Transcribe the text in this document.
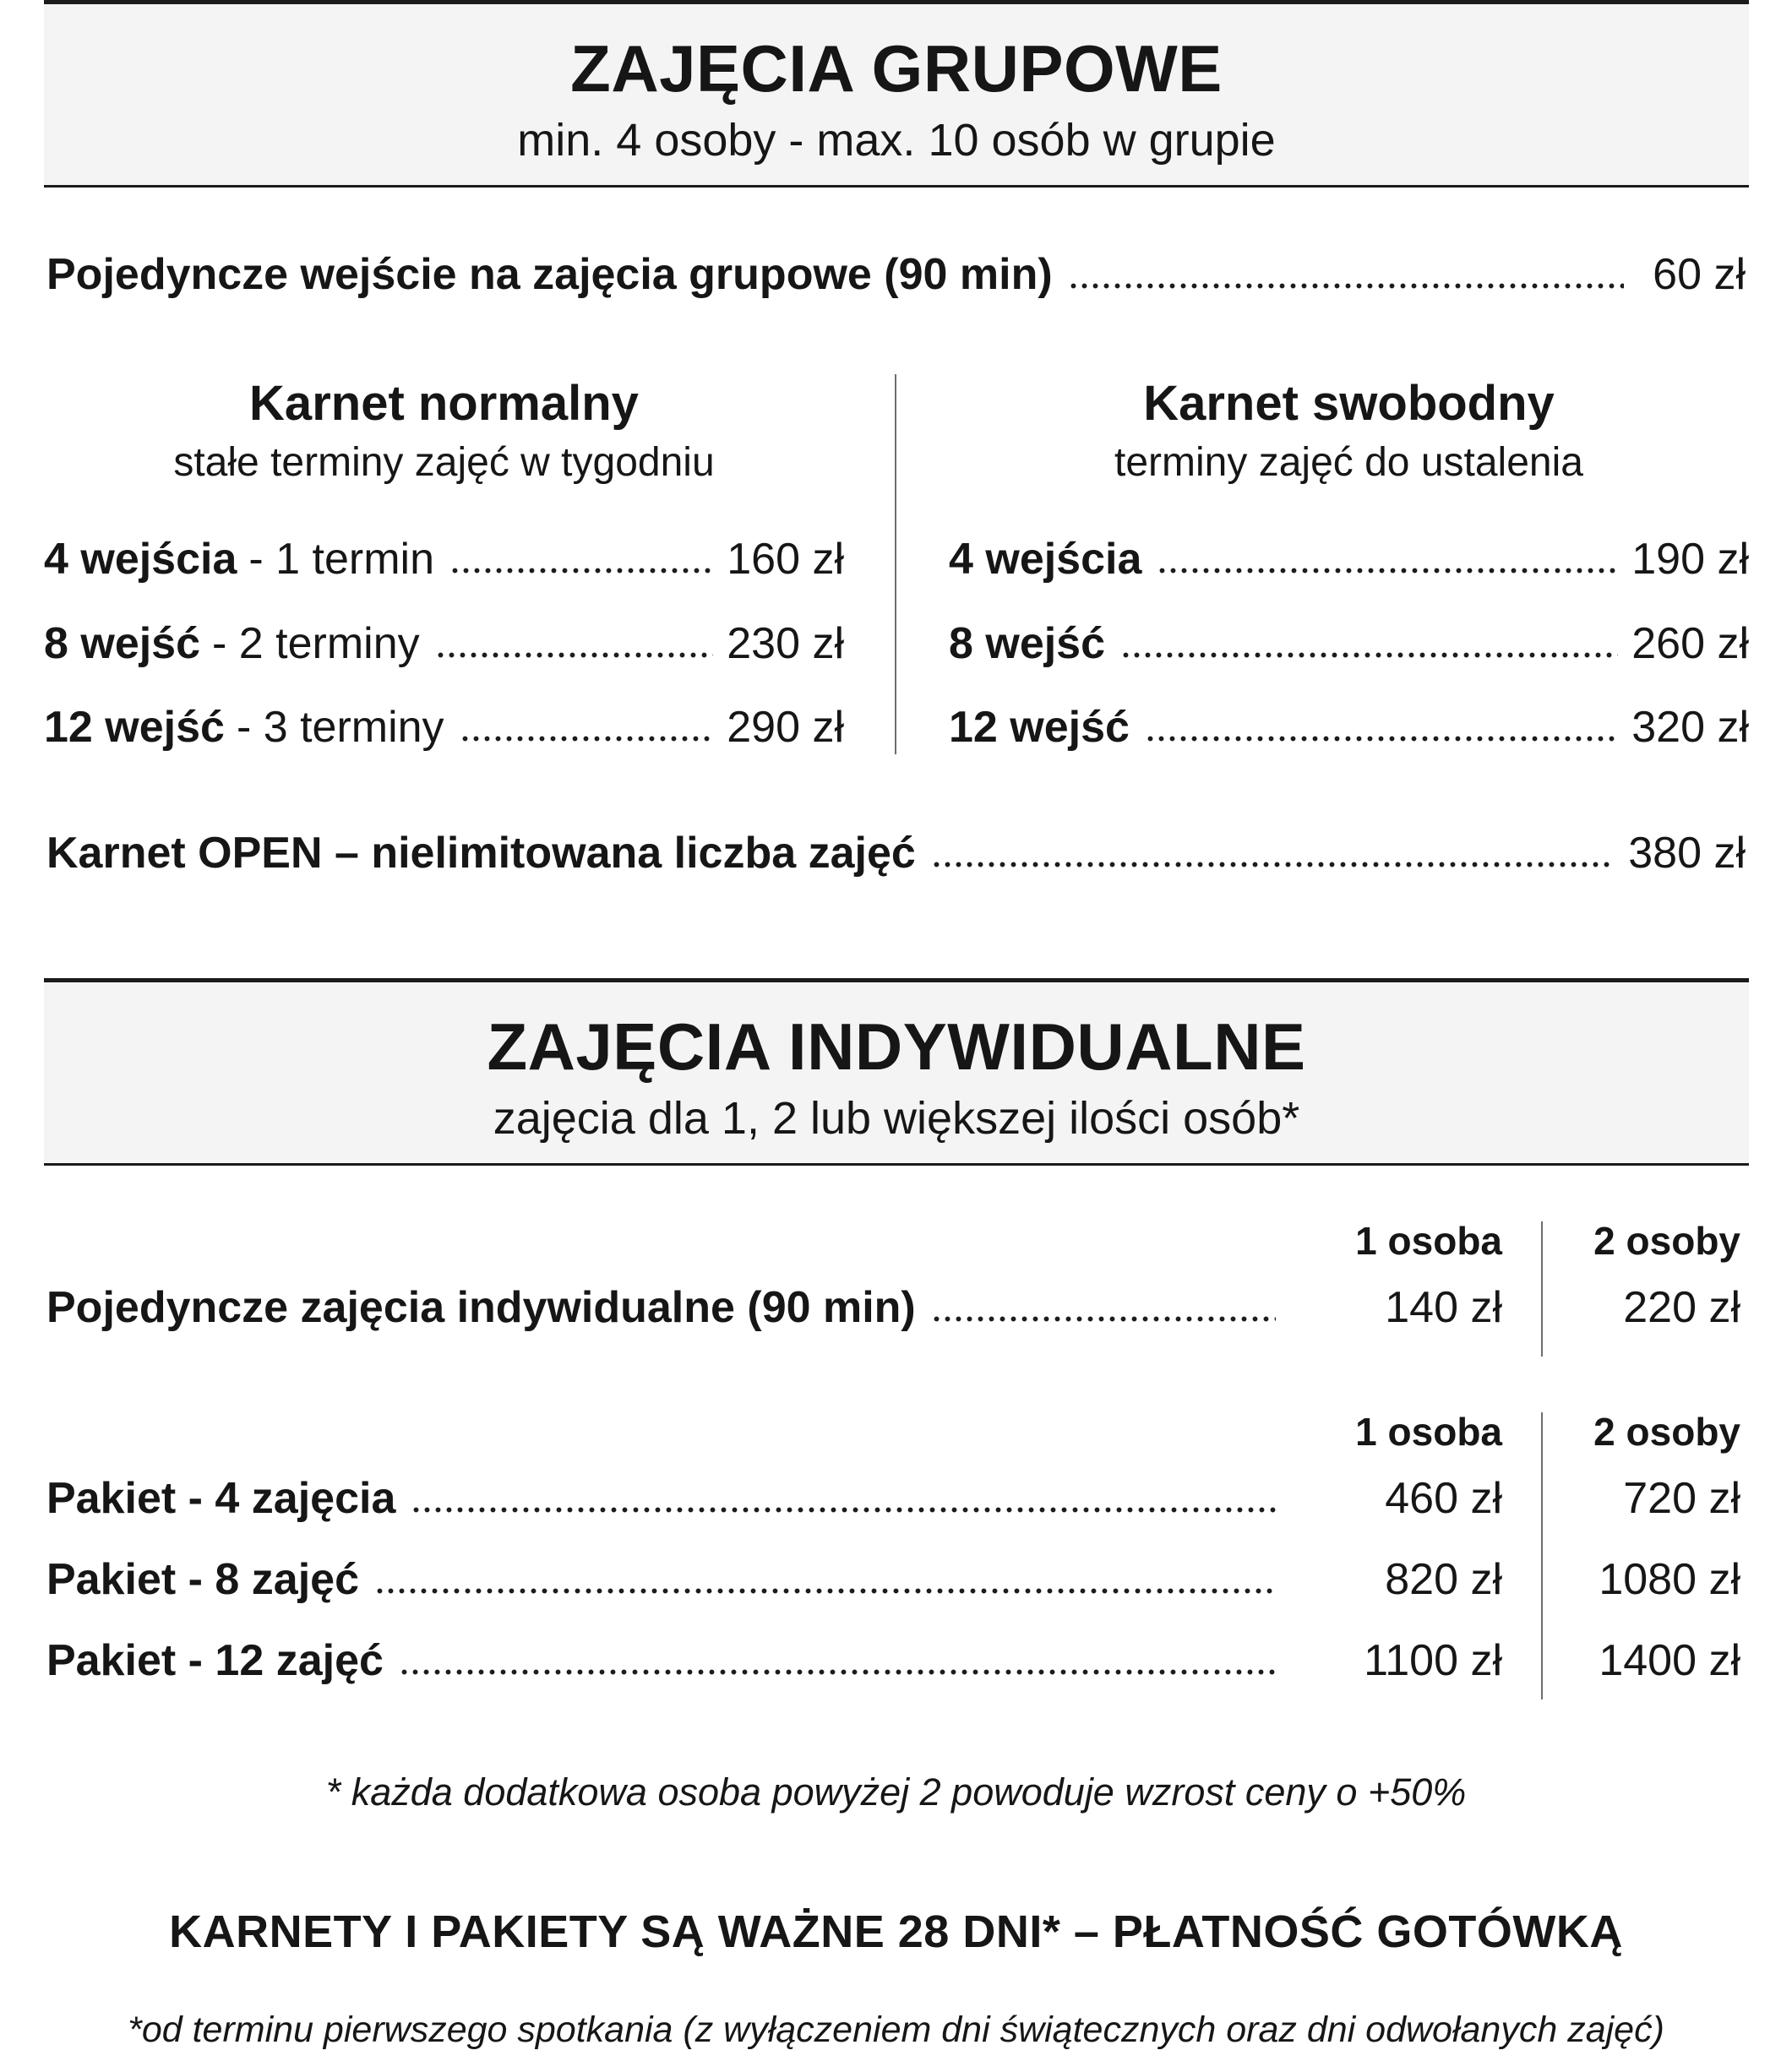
ZAJĘCIA GRUPOWE
min. 4 osoby - max. 10 osób w grupie
Pojedyncze wejście na zajęcia grupowe (90 min)	60 zł
Karnet normalny
stałe terminy zajęć w tygodniu
4 wejścia - 1 termin	160 zł
8 wejść - 2 terminy	230 zł
12 wejść - 3 terminy	290 zł
Karnet swobodny
terminy zajęć do ustalenia
4 wejścia	190 zł
8 wejść	260 zł
12 wejść	320 zł
Karnet OPEN – nielimitowana liczba zajęć	380 zł
ZAJĘCIA INDYWIDUALNE
zajęcia dla 1, 2 lub większej ilości osób*
1 osoba	2 osoby
Pojedyncze zajęcia indywidualne (90 min)	140 zł	220 zł
1 osoba	2 osoby
Pakiet - 4 zajęcia	460 zł	720 zł
Pakiet - 8 zajęć	820 zł	1080 zł
Pakiet - 12 zajęć	1100 zł	1400 zł
* każda dodatkowa osoba powyżej 2 powoduje wzrost ceny o +50%
KARNETY I PAKIETY SĄ WAŻNE 28 DNI* – PŁATNOŚĆ GOTÓWKĄ
*od terminu pierwszego spotkania (z wyłączeniem dni świątecznych oraz dni odwołanych zajęć)
